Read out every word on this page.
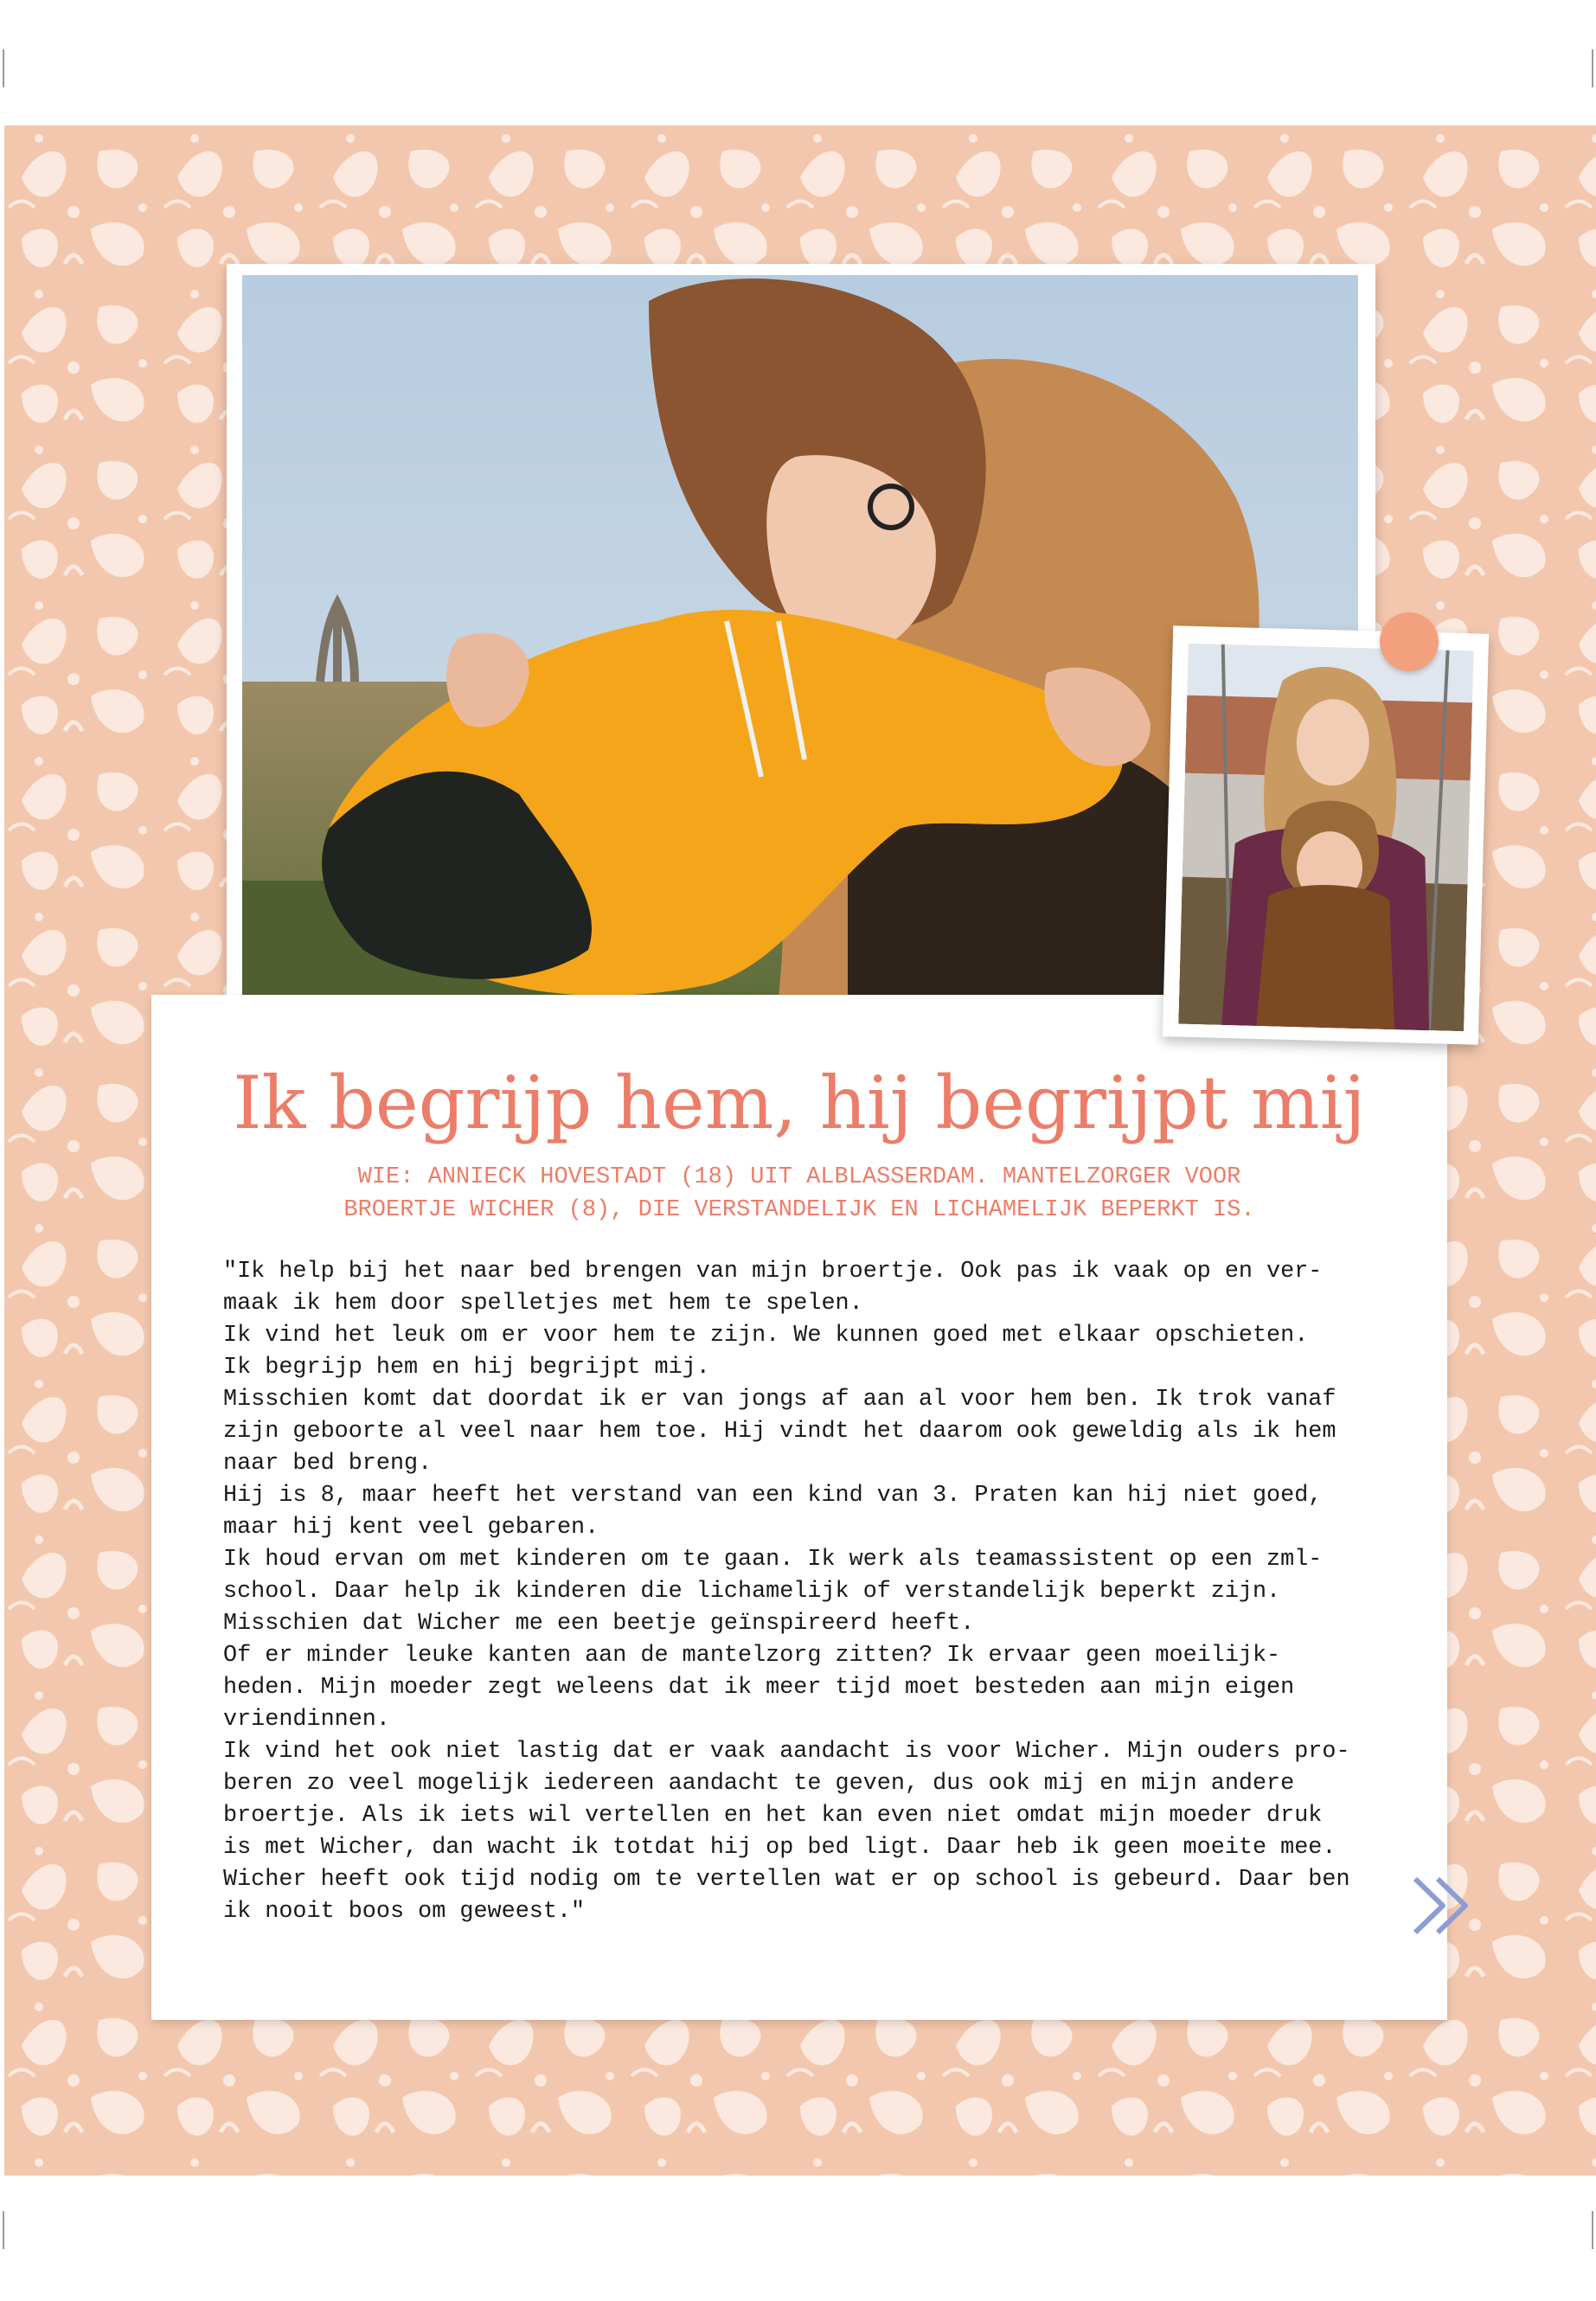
Ik begrijp hem, hij begrijpt mij
WIE: ANNIECK HOVESTADT (18) UIT ALBLASSERDAM. MANTELZORGER VOOR
BROERTJE WICHER (8), DIE VERSTANDELIJK EN LICHAMELIJK BEPERKT IS.
"Ik help bij het naar bed brengen van mijn broertje. Ook pas ik vaak op en ver-
maak ik hem door spelletjes met hem te spelen.
Ik vind het leuk om er voor hem te zijn. We kunnen goed met elkaar opschieten.
Ik begrijp hem en hij begrijpt mij.
Misschien komt dat doordat ik er van jongs af aan al voor hem ben. Ik trok vanaf
zijn geboorte al veel naar hem toe. Hij vindt het daarom ook geweldig als ik hem
naar bed breng.
Hij is 8, maar heeft het verstand van een kind van 3. Praten kan hij niet goed,
maar hij kent veel gebaren.
Ik houd ervan om met kinderen om te gaan. Ik werk als teamassistent op een zml-
school. Daar help ik kinderen die lichamelijk of verstandelijk beperkt zijn.
Misschien dat Wicher me een beetje geïnspireerd heeft.
Of er minder leuke kanten aan de mantelzorg zitten? Ik ervaar geen moeilijk-
heden. Mijn moeder zegt weleens dat ik meer tijd moet besteden aan mijn eigen
vriendinnen.
Ik vind het ook niet lastig dat er vaak aandacht is voor Wicher. Mijn ouders pro-
beren zo veel mogelijk iedereen aandacht te geven, dus ook mij en mijn andere
broertje. Als ik iets wil vertellen en het kan even niet omdat mijn moeder druk
is met Wicher, dan wacht ik totdat hij op bed ligt. Daar heb ik geen moeite mee.
Wicher heeft ook tijd nodig om te vertellen wat er op school is gebeurd. Daar ben
ik nooit boos om geweest."
